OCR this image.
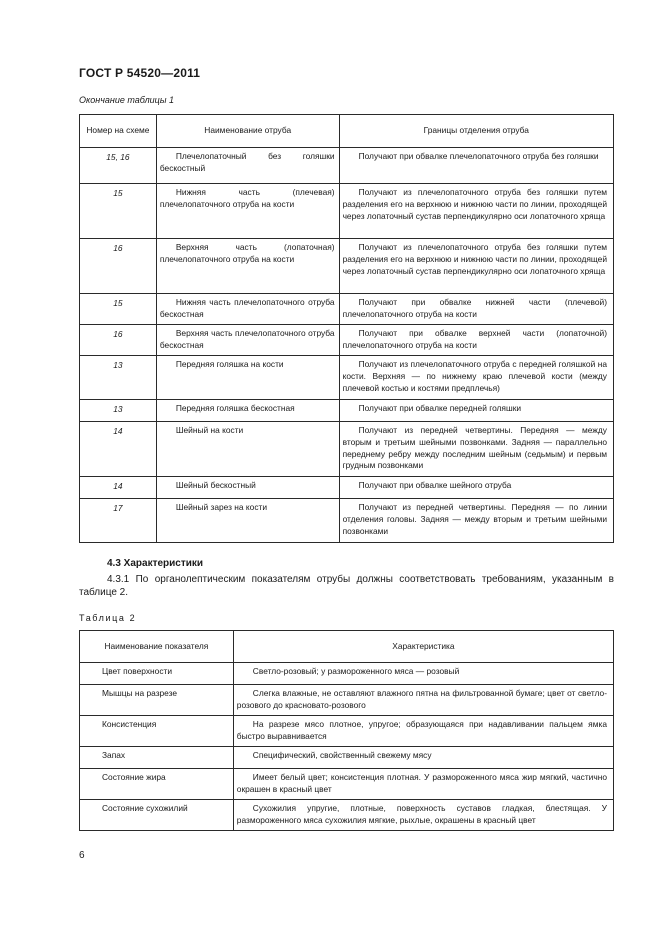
ГОСТ Р 54520—2011
Окончание таблицы 1
Номер на схеме	Наименование отруба	Границы отделения отруба
15, 16	Плечелопаточный без голяшки бескостный	Получают при обвалке плечелопаточного отруба без голяшки
15	Нижняя часть (плечевая) плечелопаточного отруба на кости	Получают из плечелопаточного отруба без голяшки путем разделения его на верхнюю и нижнюю части по линии, проходящей через лопаточный сустав перпендикулярно оси лопаточного хряща
16	Верхняя часть (лопаточная) плечелопаточного отруба на кости	Получают из плечелопаточного отруба без голяшки путем разделения его на верхнюю и нижнюю части по линии, проходящей через лопаточный сустав перпендикулярно оси лопаточного хряща
15	Нижняя часть плечелопаточного отруба бескостная	Получают при обвалке нижней части (плечевой) плечелопаточного отруба на кости
16	Верхняя часть плечелопаточного отруба бескостная	Получают при обвалке верхней части (лопаточной) плечелопаточного отруба на кости
13	Передняя голяшка на кости	Получают из плечелопаточного отруба с передней голяшкой на кости. Верхняя — по нижнему краю плечевой кости (между плечевой костью и костями предплечья)
13	Передняя голяшка бескостная	Получают при обвалке передней голяшки
14	Шейный на кости	Получают из передней четвертины. Передняя — между вторым и третьим шейными позвонками. Задняя — параллельно переднему ребру между последним шейным (седьмым) и первым грудным позвонками
14	Шейный бескостный	Получают при обвалке шейного отруба
17	Шейный зарез на кости	Получают из передней четвертины. Передняя — по линии отделения головы. Задняя — между вторым и третьим шейными позвонками
4.3 Характеристики
4.3.1 По органолептическим показателям отрубы должны соответствовать требованиям, указанным в таблице 2.
Таблица 2
Наименование показателя	Характеристика
Цвет поверхности	Светло-розовый; у размороженного мяса — розовый
Мышцы на разрезе	Слегка влажные, не оставляют влажного пятна на фильтрованной бумаге; цвет от светло-розового до красновато-розового
Консистенция	На разрезе мясо плотное, упругое; образующаяся при надавливании пальцем ямка быстро выравнивается
Запах	Специфический, свойственный свежему мясу
Состояние жира	Имеет белый цвет; консистенция плотная. У размороженного мяса жир мягкий, частично окрашен в красный цвет
Состояние сухожилий	Сухожилия упругие, плотные, поверхность суставов гладкая, блестящая. У размороженного мяса сухожилия мягкие, рыхлые, окрашены в красный цвет
6
